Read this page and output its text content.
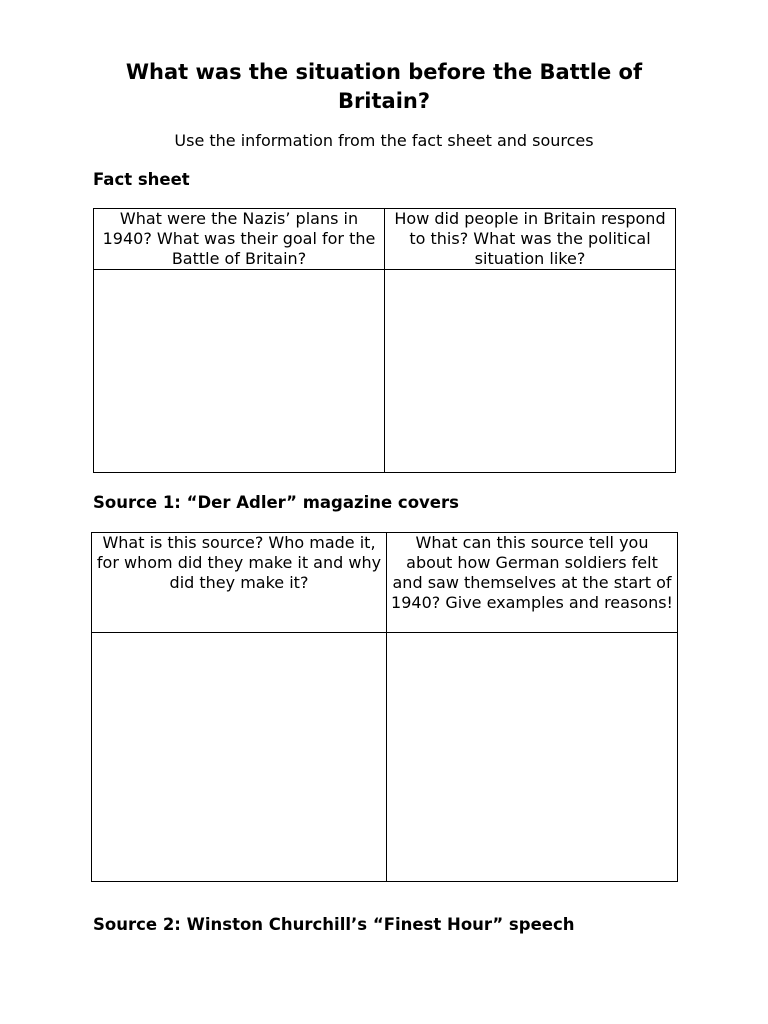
What was the situation before the Battle of Britain?
Use the information from the fact sheet and sources
Fact sheet
What were the Nazis’ plans in 1940? What was their goal for the Battle of Britain?	How did people in Britain respond to this? What was the political situation like?

Source 1: “Der Adler” magazine covers
What is this source? Who made it, for whom did they make it and why did they make it?	What can this source tell you about how German soldiers felt and saw themselves at the start of 1940? Give examples and reasons!

Source 2: Winston Churchill’s “Finest Hour” speech
